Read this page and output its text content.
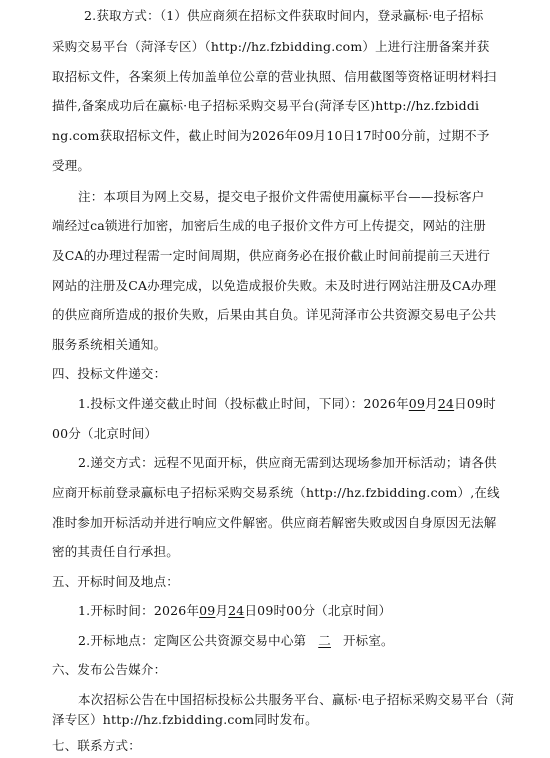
2.获取方式：（1）供应商须在招标文件获取时间内，登录赢标·电子招标
采购交易平台（菏泽专区）（http://hz.fzbidding.com）上进行注册备案并获
取招标文件，各案须上传加盖单位公章的营业执照、信用截图等资格证明材料扫
描件,备案成功后在赢标·电子招标采购交易平台(菏泽专区)http://hz.fzbiddi
ng.com获取招标文件，截止时间为2026年09月10日17时00分前，过期不予
受理。
注：本项目为网上交易，提交电子报价文件需使用赢标平台——投标客户
端经过ca锁进行加密，加密后生成的电子报价文件方可上传提交，网站的注册
及CA的办理过程需一定时间周期，供应商务必在报价截止时间前提前三天进行
网站的注册及CA办理完成，以免造成报价失败。未及时进行网站注册及CA办理
的供应商所造成的报价失败，后果由其自负。详见菏泽市公共资源交易电子公共
服务系统相关通知。
四、投标文件递交：
1.投标文件递交截止时间（投标截止时间，下同）：2026年09月24日09时
00分（北京时间）
2.递交方式：远程不见面开标，供应商无需到达现场参加开标活动；请各供
应商开标前登录赢标电子招标采购交易系统（http://hz.fzbidding.com）,在线
准时参加开标活动并进行响应文件解密。供应商若解密失败或因自身原因无法解
密的其责任自行承担。
五、开标时间及地点：
1.开标时间：2026年09月24日09时00分（北京时间）
2.开标地点：定陶区公共资源交易中心第 二 开标室。
六、发布公告媒介：
本次招标公告在中国招标投标公共服务平台、赢标·电子招标采购交易平台（菏
泽专区）http://hz.fzbidding.com同时发布。
七、联系方式：
